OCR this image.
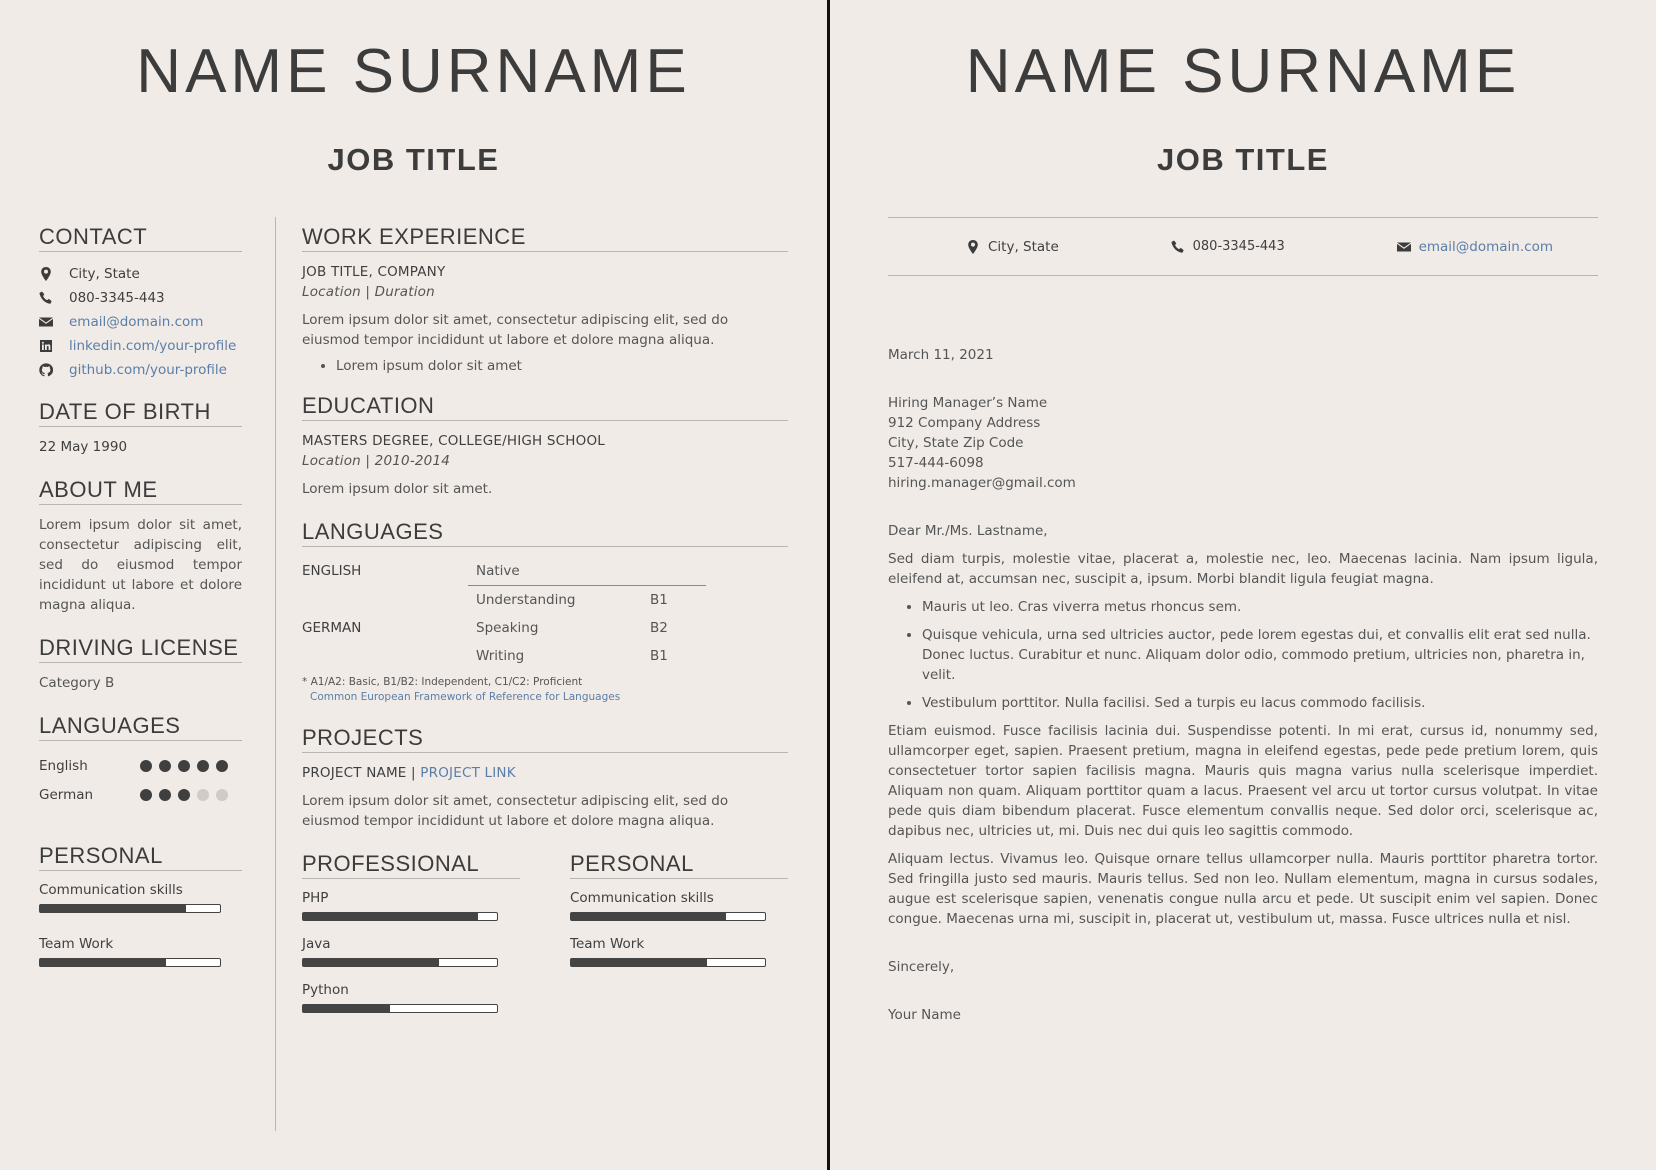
NAME SURNAME
JOB TITLE
CONTACT
City, State
080-3345-443
email@domain.com
linkedin.com/your-profile
github.com/your-profile
DATE OF BIRTH
22 May 1990
ABOUT ME
Lorem ipsum dolor sit amet, consectetur adipiscing elit, sed do eiusmod tempor incididunt ut labore et dolore magna aliqua.
DRIVING LICENSE
Category B
LANGUAGES
English
German
PERSONAL
Communication skills
Team Work
WORK EXPERIENCE
JOB TITLE, COMPANY
Location | Duration

Lorem ipsum dolor sit amet, consectetur adipiscing elit, sed do eiusmod tempor incididunt ut labore et dolore magna aliqua.

• Lorem ipsum dolor sit amet
EDUCATION
MASTERS DEGREE, COLLEGE/HIGH SCHOOL
Location | 2010-2014

Lorem ipsum dolor sit amet.

LANGUAGES
ENGLISH	Native	
GERMAN	Understanding	B1
	Speaking	B2
	Writing	B1
* A1/A2: Basic, B1/B2: Independent, C1/C2: Proficient
Common European Framework of Reference for Languages
PROJECTS
PROJECT NAME | PROJECT LINK

Lorem ipsum dolor sit amet, consectetur adipiscing elit, sed do eiusmod tempor incididunt ut labore et dolore magna aliqua.

PROFESSIONAL
PHP
Java
Python
PERSONAL
Communication skills
Team Work
NAME SURNAME
JOB TITLE
City, State	080-3345-443	email@domain.com
March 11, 2021
Hiring Manager’s Name
912 Company Address
City, State Zip Code
517-444-6098
hiring.manager@gmail.com
Dear Mr./Ms. Lastname,

Sed diam turpis, molestie vitae, placerat a, molestie nec, leo. Maecenas lacinia. Nam ipsum ligula, eleifend at, accumsan nec, suscipit a, ipsum. Morbi blandit ligula feugiat magna.

• Mauris ut leo. Cras viverra metus rhoncus sem.
• Quisque vehicula, urna sed ultricies auctor, pede lorem egestas dui, et convallis elit erat sed nulla. Donec luctus. Curabitur et nunc. Aliquam dolor odio, commodo pretium, ultricies non, pharetra in, velit.
• Vestibulum porttitor. Nulla facilisi. Sed a turpis eu lacus commodo facilisis.

Etiam euismod. Fusce facilisis lacinia dui. Suspendisse potenti. In mi erat, cursus id, nonummy sed, ullamcorper eget, sapien. Praesent pretium, magna in eleifend egestas, pede pede pretium lorem, quis consectetuer tortor sapien facilisis magna. Mauris quis magna varius nulla scelerisque imperdiet. Aliquam non quam. Aliquam porttitor quam a lacus. Praesent vel arcu ut tortor cursus volutpat. In vitae pede quis diam bibendum placerat. Fusce elementum convallis neque. Sed dolor orci, scelerisque ac, dapibus nec, ultricies ut, mi. Duis nec dui quis leo sagittis commodo.

Aliquam lectus. Vivamus leo. Quisque ornare tellus ullamcorper nulla. Mauris porttitor pharetra tortor. Sed fringilla justo sed mauris. Mauris tellus. Sed non leo. Nullam elementum, magna in cursus sodales, augue est scelerisque sapien, venenatis congue nulla arcu et pede. Ut suscipit enim vel sapien. Donec congue. Maecenas urna mi, suscipit in, placerat ut, vestibulum ut, massa. Fusce ultrices nulla et nisl.

Sincerely,
Your Name
